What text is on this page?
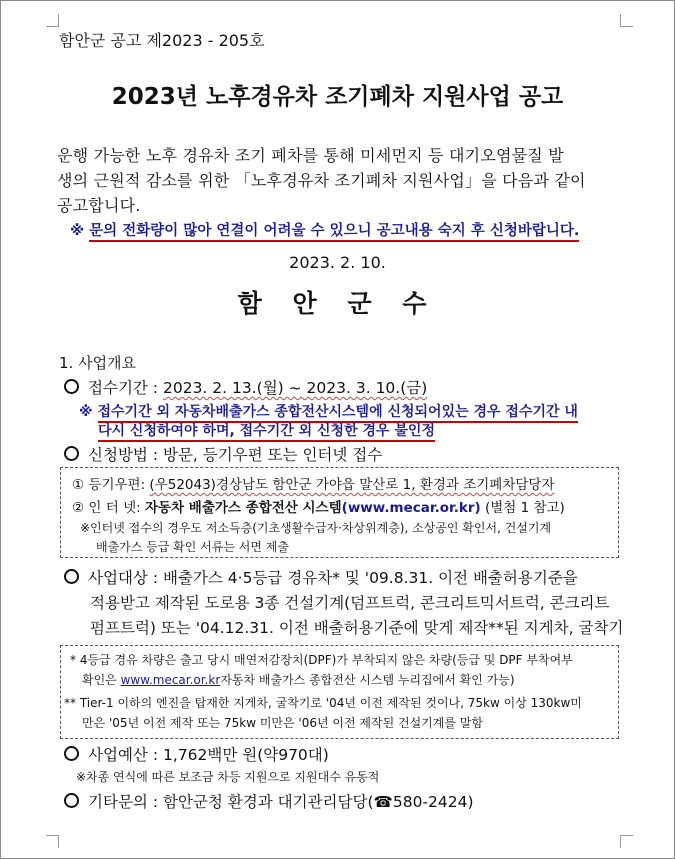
함안군 공고 제2023 - 205호
2023년 노후경유차 조기폐차 지원사업 공고
운행 가능한 노후 경유차 조기 폐차를 통해 미세먼지 등 대기오염물질 발
생의 근원적 감소를 위한 「노후경유차 조기폐차 지원사업」을 다음과 같이
공고합니다.
※ 문의 전화량이 많아 연결이 어려울 수 있으니 공고내용 숙지 후 신청바랍니다.
2023. 2. 10.
함 안 군 수
1. 사업개요
접수기간 : 2023. 2. 13.(월) ~ 2023. 3. 10.(금)
※ 접수기간 외 자동차배출가스 종합전산시스템에 신청되어있는 경우 접수기간 내
다시 신청하여야 하며, 접수기간 외 신청한 경우 불인정
신청방법 : 방문, 등기우편 또는 인터넷 접수
① 등기우편: (우52043)경상남도 함안군 가야읍 말산로 1, 환경과 조기폐차담당자
② 인 터 넷: 자동차 배출가스 종합전산 시스템(www.mecar.or.kr) (별첨 1 참고)
※인터넷 접수의 경우도 저소득층(기초생활수급자·차상위계층), 소상공인 확인서, 건설기계
배출가스 등급 확인 서류는 서면 제출
사업대상 : 배출가스 4·5등급 경유차* 및 '09.8.31. 이전 배출허용기준을
적용받고 제작된 도로용 3종 건설기계(덤프트럭, 콘크리트믹서트럭, 콘크리트
펌프트럭) 또는 '04.12.31. 이전 배출허용기준에 맞게 제작**된 지게차, 굴착기
* 4등급 경유 차량은 출고 당시 매연저감장치(DPF)가 부착되지 않은 차량(등급 및 DPF 부착여부
확인은 www.mecar.or.kr자동차 배출가스 종합전산 시스템 누리집에서 확인 가능)
** Tier-1 이하의 엔진을 탑재한 지게차, 굴착기로 '04년 이전 제작된 것이나, 75kw 이상 130kw미
만은 '05년 이전 제작 또는 75kw 미만은 '06년 이전 제작된 건설기계를 말함
사업예산 : 1,762백만 원(약970대)
※차종 연식에 따른 보조금 차등 지원으로 지원대수 유동적
기타문의 : 함안군청 환경과 대기관리담당(☎580-2424)
